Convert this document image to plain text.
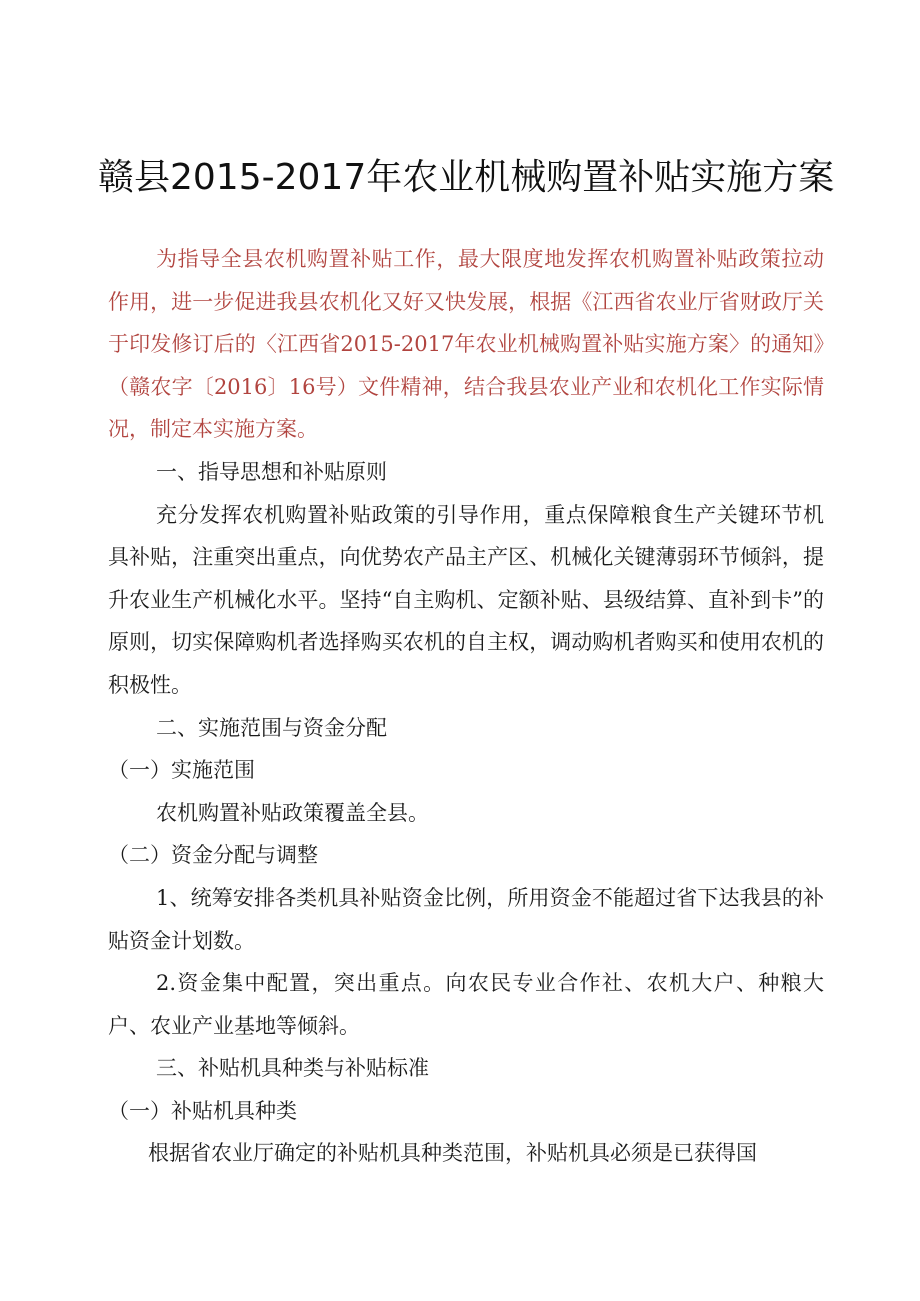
赣县2015-2017年农业机械购置补贴实施方案

为指导全县农机购置补贴工作，最大限度地发挥农机购置补贴政策拉动作用，进一步促进我县农机化又好又快发展，根据《江西省农业厅省财政厅关于印发修订后的〈江西省2015-2017年农业机械购置补贴实施方案〉的通知》（赣农字〔2016〕16号）文件精神，结合我县农业产业和农机化工作实际情况，制定本实施方案。

一、指导思想和补贴原则

充分发挥农机购置补贴政策的引导作用，重点保障粮食生产关键环节机具补贴，注重突出重点，向优势农产品主产区、机械化关键薄弱环节倾斜，提升农业生产机械化水平。坚持“自主购机、定额补贴、县级结算、直补到卡”的原则，切实保障购机者选择购买农机的自主权，调动购机者购买和使用农机的积极性。

二、实施范围与资金分配

（一）实施范围

农机购置补贴政策覆盖全县。

（二）资金分配与调整

1、统筹安排各类机具补贴资金比例，所用资金不能超过省下达我县的补贴资金计划数。

2.资金集中配置，突出重点。向农民专业合作社、农机大户、种粮大户、农业产业基地等倾斜。

三、补贴机具种类与补贴标准

（一）补贴机具种类

根据省农业厅确定的补贴机具种类范围，补贴机具必须是已获得国
